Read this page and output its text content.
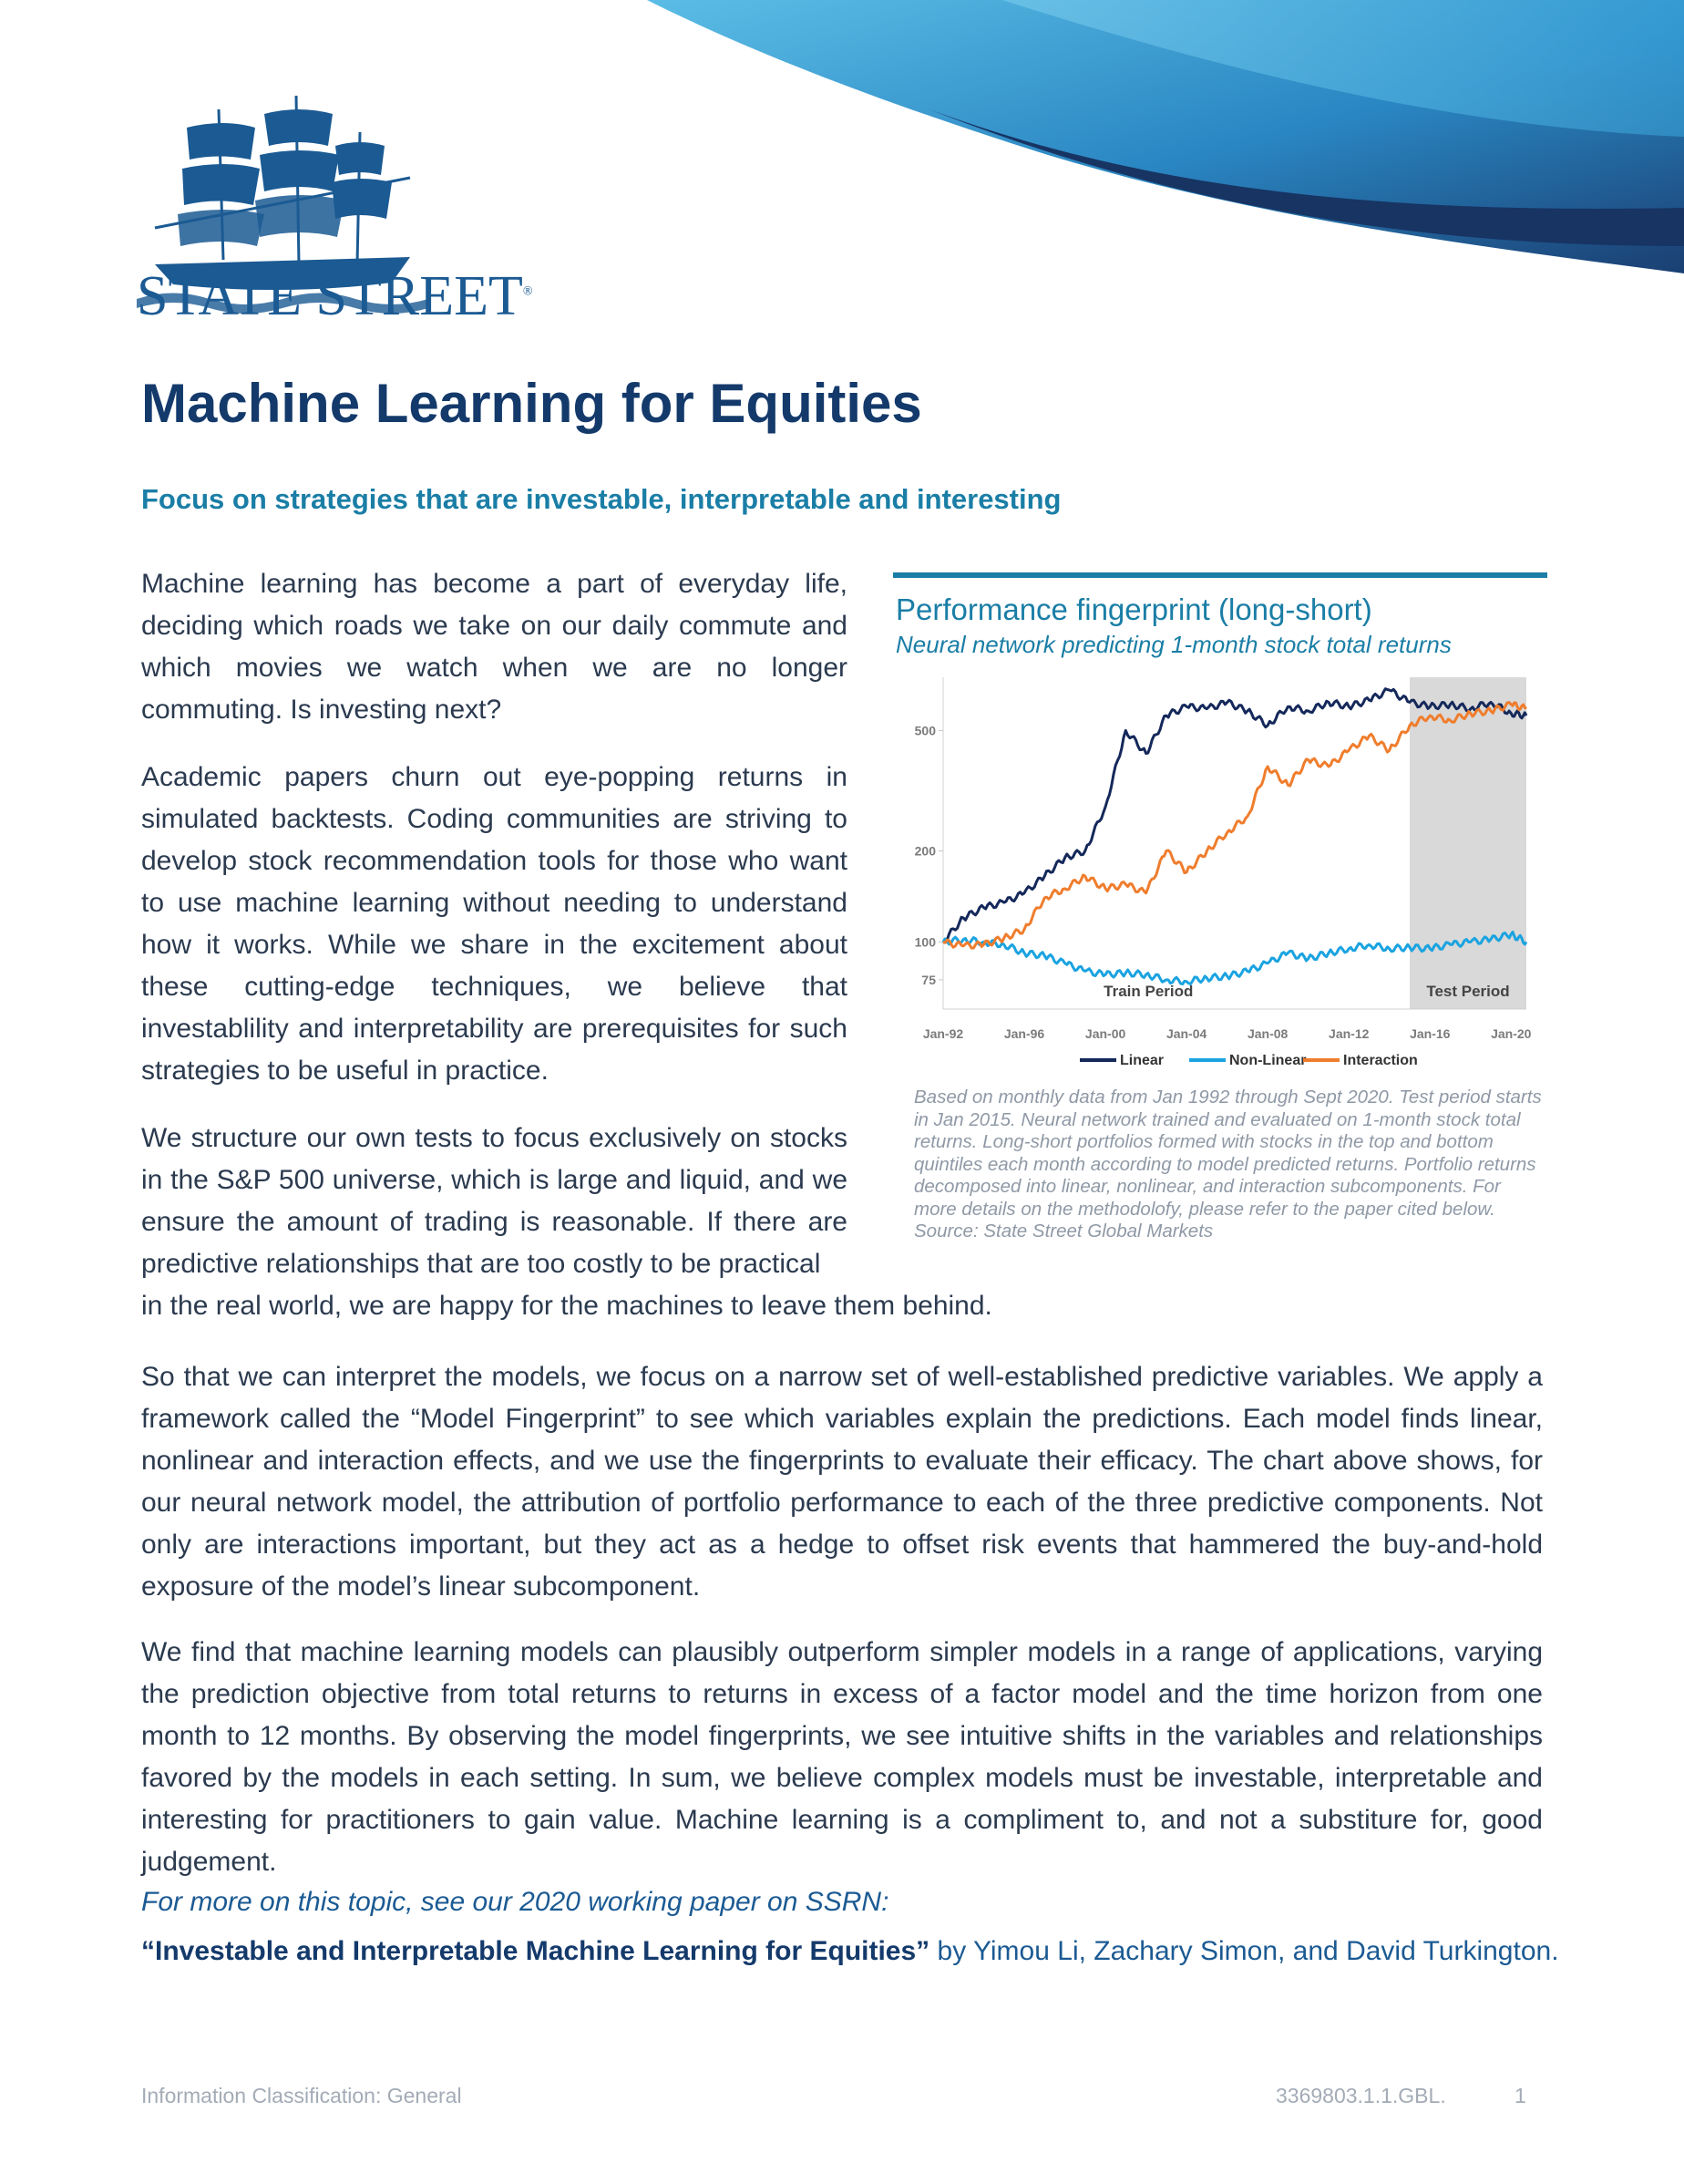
STATE STREET®
Machine Learning for Equities
Focus on strategies that are investable, interpretable and interesting

Machine learning has become a part of everyday life, deciding which roads we take on our daily commute and which movies we watch when we are no longer commuting. Is investing next?

Academic papers churn out eye-popping returns in simulated backtests. Coding communities are striving to develop stock recommendation tools for those who want to use machine learning without needing to understand how it works. While we share in the excitement about these cutting-edge techniques, we believe that investablility and interpretability are prerequisites for such strategies to be useful in practice.

We structure our own tests to focus exclusively on stocks in the S&P 500 universe, which is large and liquid, and we ensure the amount of trading is reasonable. If there are predictive relationships that are too costly to be practical

in the real world, we are happy for the machines to leave them behind.

So that we can interpret the models, we focus on a narrow set of well-established predictive variables. We apply a framework called the “Model Fingerprint” to see which variables explain the predictions. Each model finds linear, nonlinear and interaction effects, and we use the fingerprints to evaluate their efficacy. The chart above shows, for our neural network model, the attribution of portfolio performance to each of the three predictive components. Not only are interactions important, but they act as a hedge to offset risk events that hammered the buy-and-hold exposure of the model’s linear subcomponent.

We find that machine learning models can plausibly outperform simpler models in a range of applications, varying the prediction objective from total returns to returns in excess of a factor model and the time horizon from one month to 12 months. By observing the model fingerprints, we see intuitive shifts in the variables and relationships favored by the models in each setting. In sum, we believe complex models must be investable, interpretable and interesting for practitioners to gain value. Machine learning is a compliment to, and not a substiture for, good judgement.

For more on this topic, see our 2020 working paper on SSRN:

“Investable and Interpretable Machine Learning for Equities” by Yimou Li, Zachary Simon, and David Turkington.

Performance fingerprint (long-short)

Neural network predicting 1-month stock total returns

75
100
200
500
Jan-92	Jan-96	Jan-00	Jan-04	Jan-08	Jan-12	Jan-16	Jan-20
Train Period	Test Period
Linear	Non-Linear	Interaction

Based on monthly data from Jan 1992 through Sept 2020. Test period starts in Jan 2015. Neural network trained and evaluated on 1-month stock total returns. Long-short portfolios formed with stocks in the top and bottom quintiles each month according to model predicted returns. Portfolio returns decomposed into linear, nonlinear, and interaction subcomponents. For more details on the methodolofy, please refer to the paper cited below. Source: State Street Global Markets

Information Classification: General	3369803.1.1.GBL.	1
